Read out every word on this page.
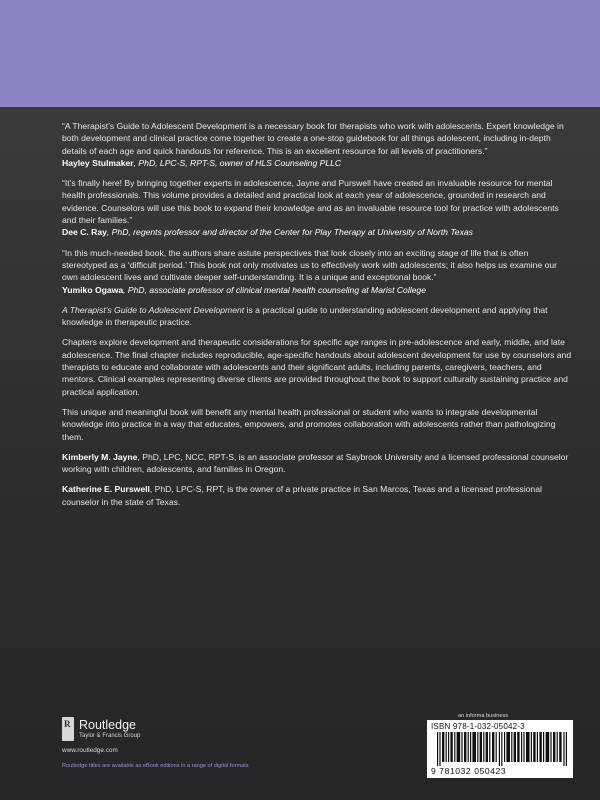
“A Therapist’s Guide to Adolescent Development is a necessary book for therapists who work with adolescents. Expert knowledge in both development and clinical practice come together to create a one-stop guidebook for all things adolescent, including in-depth details of each age and quick handouts for reference. This is an excellent resource for all levels of practitioners.”
Hayley Stulmaker, PhD, LPC-S, RPT-S, owner of HLS Counseling PLLC
“It’s finally here! By bringing together experts in adolescence, Jayne and Purswell have created an invaluable resource for mental health professionals. This volume provides a detailed and practical look at each year of adolescence, grounded in research and evidence. Counselors will use this book to expand their knowledge and as an invaluable resource tool for practice with adolescents and their families.”
Dee C. Ray, PhD, regents professor and director of the Center for Play Therapy at University of North Texas
“In this much-needed book, the authors share astute perspectives that look closely into an exciting stage of life that is often stereotyped as a ‘difficult period.’ This book not only motivates us to effectively work with adolescents; it also helps us examine our own adolescent lives and cultivate deeper self-understanding. It is a unique and exceptional book.”
Yumiko Ogawa, PhD, associate professor of clinical mental health counseling at Marist College

A Therapist’s Guide to Adolescent Development is a practical guide to understanding adolescent development and applying that knowledge in therapeutic practice.

Chapters explore development and therapeutic considerations for specific age ranges in pre-adolescence and early, middle, and late adolescence. The final chapter includes reproducible, age-specific handouts about adolescent development for use by counselors and therapists to educate and collaborate with adolescents and their significant adults, including parents, caregivers, teachers, and mentors. Clinical examples representing diverse clients are provided throughout the book to support culturally sustaining practice and practical application.

This unique and meaningful book will benefit any mental health professional or student who wants to integrate developmental knowledge into practice in a way that educates, empowers, and promotes collaboration with adolescents rather than pathologizing them.

Kimberly M. Jayne, PhD, LPC, NCC, RPT-S, is an associate professor at Saybrook University and a licensed professional counselor working with children, adolescents, and families in Oregon.
Katherine E. Purswell, PhD, LPC-S, RPT, is the owner of a private practice in San Marcos, Texas and a licensed professional counselor in the state of Texas.
R Routledge
Taylor & Francis Group
www.routledge.com
Routledge titles are available as eBook editions in a range of digital formats
an informa business
ISBN 978-1-032-05042-3
9 781032 050423
